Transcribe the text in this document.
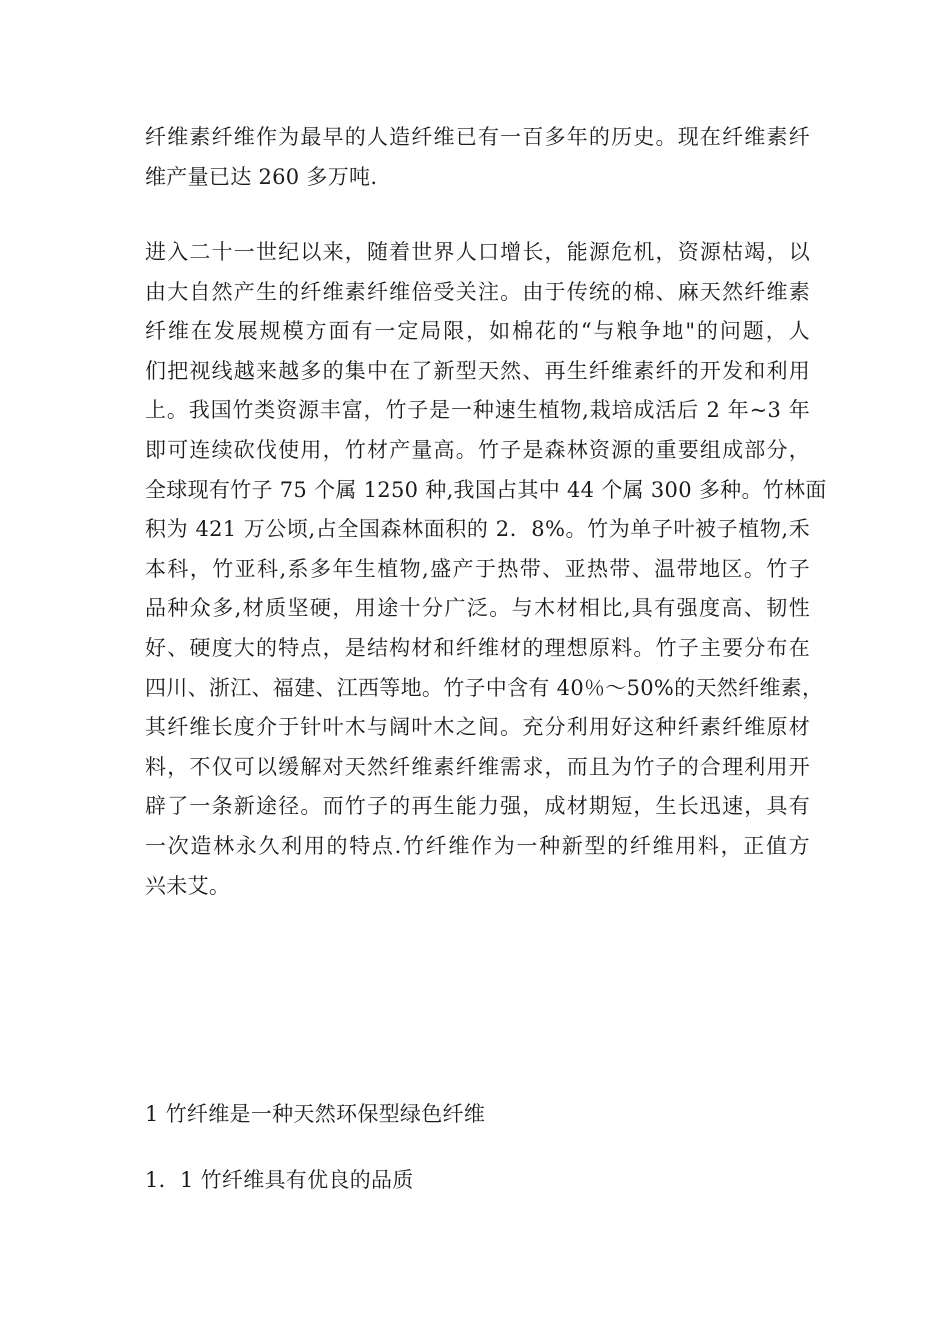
纤维素纤维作为最早的人造纤维已有一百多年的历史。现在纤维素纤
维产量已达 260 多万吨.
进入二十一世纪以来，随着世界人口增长，能源危机，资源枯竭，以
由大自然产生的纤维素纤维倍受关注。由于传统的棉、麻天然纤维素
纤维在发展规模方面有一定局限，如棉花的“与粮争地"的问题，人
们把视线越来越多的集中在了新型天然、再生纤维素纤的开发和利用
上。我国竹类资源丰富，竹子是一种速生植物,栽培成活后 2 年~3 年
即可连续砍伐使用，竹材产量高。竹子是森林资源的重要组成部分，
全球现有竹子 75 个属 1250 种,我国占其中 44 个属 300 多种。竹林面
积为 421 万公顷,占全国森林面积的 2．8%。竹为单子叶被子植物,禾
本科，竹亚科,系多年生植物,盛产于热带、亚热带、温带地区。竹子
品种众多,材质坚硬，用途十分广泛。与木材相比,具有强度高、韧性
好、硬度大的特点，是结构材和纤维材的理想原料。竹子主要分布在
四川、浙江、福建、江西等地。竹子中含有 40％～50%的天然纤维素，
其纤维长度介于针叶木与阔叶木之间。充分利用好这种纤素纤维原材
料，不仅可以缓解对天然纤维素纤维需求，而且为竹子的合理利用开
辟了一条新途径。而竹子的再生能力强，成材期短，生长迅速，具有
一次造林永久利用的特点.竹纤维作为一种新型的纤维用料，正值方
兴未艾。
1 竹纤维是一种天然环保型绿色纤维
1．1 竹纤维具有优良的品质
